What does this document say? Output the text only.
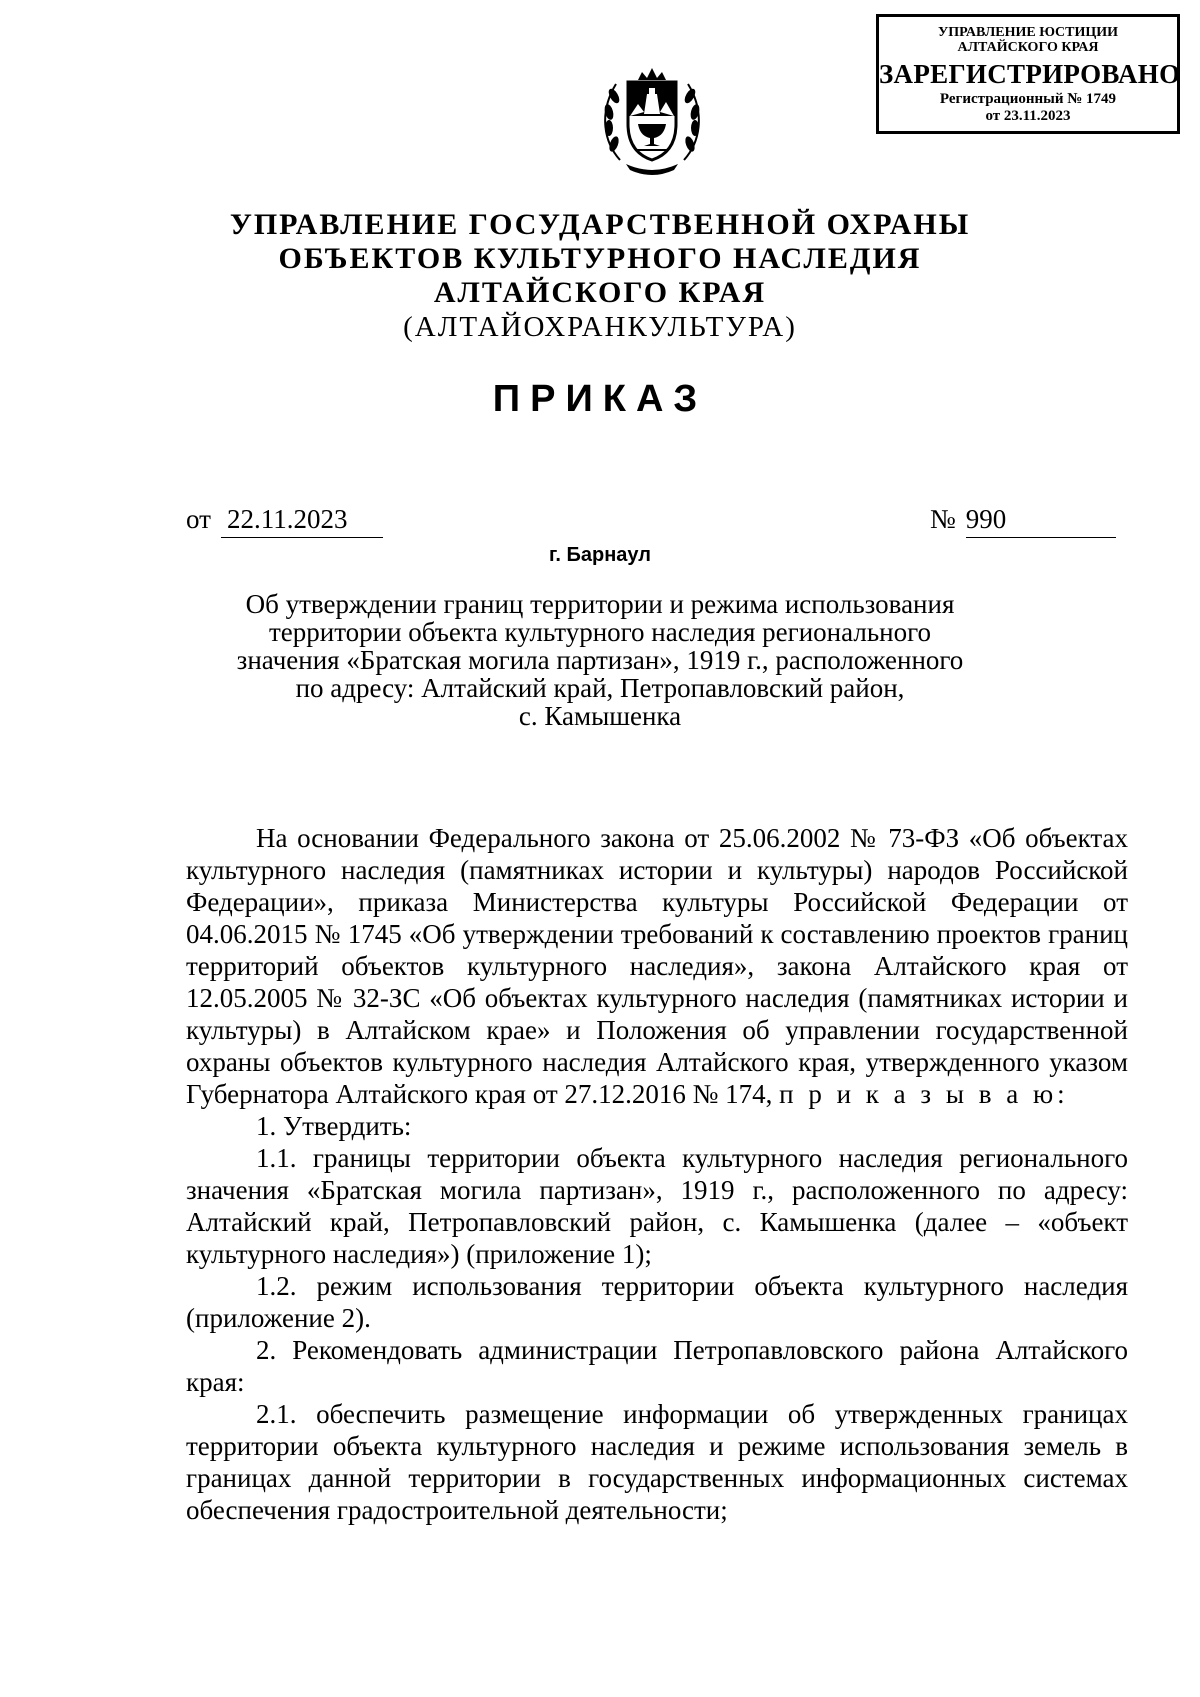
УПРАВЛЕНИЕ ЮСТИЦИИ
АЛТАЙСКОГО КРАЯ
ЗАРЕГИСТРИРОВАНО
Регистрационный № 1749
от 23.11.2023
УПРАВЛЕНИЕ ГОСУДАРСТВЕННОЙ ОХРАНЫ
ОБЪЕКТОВ КУЛЬТУРНОГО НАСЛЕДИЯ
АЛТАЙСКОГО КРАЯ
(АЛТАЙОХРАНКУЛЬТУРА)
ПРИКАЗ
от 22.11.2023	№ 990
г. Барнаул
Об утверждении границ территории и режима использования
территории объекта культурного наследия регионального
значения «Братская могила партизан», 1919 г., расположенного
по адресу: Алтайский край, Петропавловский район,
с. Камышенка
На основании Федерального закона от 25.06.2002 № 73-ФЗ «Об объектах культурного наследия (памятниках истории и культуры) народов Российской Федерации», приказа Министерства культуры Российской Федерации от 04.06.2015 № 1745 «Об утверждении требований к составлению проектов границ территорий объектов культурного наследия», закона Алтайского края от 12.05.2005 № 32-ЗС «Об объектах культурного наследия (памятниках истории и культуры) в Алтайском крае» и Положения об управлении государственной охраны объектов культурного наследия Алтайского края, утвержденного указом Губернатора Алтайского края от 27.12.2016 № 174, п р и к а з ы в а ю:
1. Утвердить:
1.1. границы территории объекта культурного наследия регионального значения «Братская могила партизан», 1919 г., расположенного по адресу: Алтайский край, Петропавловский район, с. Камышенка (далее – «объект культурного наследия») (приложение 1);
1.2. режим использования территории объекта культурного наследия (приложение 2).
2. Рекомендовать администрации Петропавловского района Алтайского края:
2.1. обеспечить размещение информации об утвержденных границах территории объекта культурного наследия и режиме использования земель в границах данной территории в государственных информационных системах обеспечения градостроительной деятельности;
